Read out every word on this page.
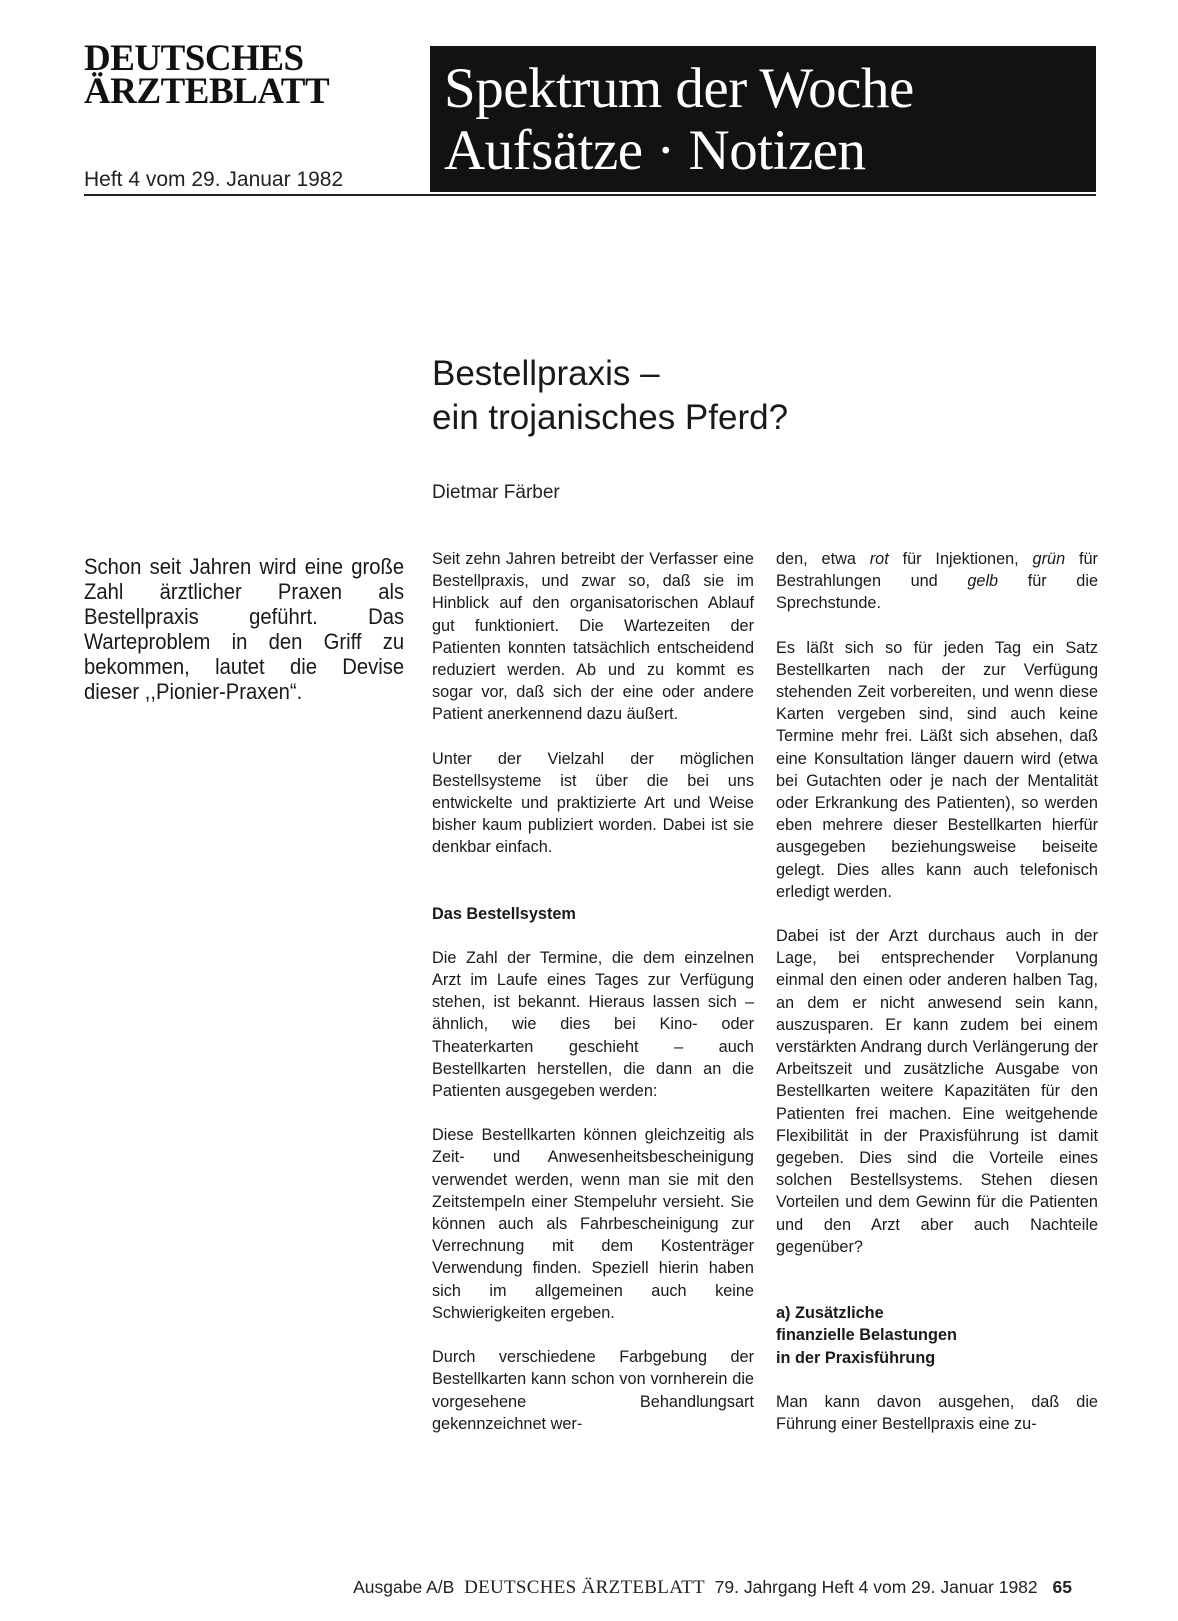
DEUTSCHES
ÄRZTEBLATT
Heft 4 vom 29. Januar 1982
Spektrum der Woche
Aufsätze · Notizen
Bestellpraxis –
ein trojanisches Pferd?
Dietmar Färber
Schon seit Jahren wird eine große Zahl ärztlicher Praxen als Bestellpraxis geführt. Das Warteproblem in den Griff zu bekommen, lautet die Devise dieser ,,Pionier-Praxen“.

Seit zehn Jahren betreibt der Verfasser eine Bestellpraxis, und zwar so, daß sie im Hinblick auf den organisatorischen Ablauf gut funktioniert. Die Wartezeiten der Patienten konnten tatsächlich entscheidend reduziert werden. Ab und zu kommt es sogar vor, daß sich der eine oder andere Patient anerkennend dazu äußert.

Unter der Vielzahl der möglichen Bestellsysteme ist über die bei uns entwickelte und praktizierte Art und Weise bisher kaum publiziert worden. Dabei ist sie denkbar einfach.

Das Bestellsystem

Die Zahl der Termine, die dem einzelnen Arzt im Laufe eines Tages zur Verfügung stehen, ist bekannt. Hieraus lassen sich – ähnlich, wie dies bei Kino- oder Theaterkarten geschieht – auch Bestellkarten herstellen, die dann an die Patienten ausgegeben werden:

Diese Bestellkarten können gleichzeitig als Zeit- und Anwesenheitsbescheinigung verwendet werden, wenn man sie mit den Zeitstempeln einer Stempeluhr versieht. Sie können auch als Fahrbescheinigung zur Verrechnung mit dem Kostenträger Verwendung finden. Speziell hierin haben sich im allgemeinen auch keine Schwierigkeiten ergeben.

Durch verschiedene Farbgebung der Bestellkarten kann schon von vornherein die vorgesehene Behandlungsart gekennzeichnet wer-

den, etwa rot für Injektionen, grün für Bestrahlungen und gelb für die Sprechstunde.

Es läßt sich so für jeden Tag ein Satz Bestellkarten nach der zur Verfügung stehenden Zeit vorbereiten, und wenn diese Karten vergeben sind, sind auch keine Termine mehr frei. Läßt sich absehen, daß eine Konsultation länger dauern wird (etwa bei Gutachten oder je nach der Mentalität oder Erkrankung des Patienten), so werden eben mehrere dieser Bestellkarten hierfür ausgegeben beziehungsweise beiseite gelegt. Dies alles kann auch telefonisch erledigt werden.

Dabei ist der Arzt durchaus auch in der Lage, bei entsprechender Vorplanung einmal den einen oder anderen halben Tag, an dem er nicht anwesend sein kann, auszusparen. Er kann zudem bei einem verstärkten Andrang durch Verlängerung der Arbeitszeit und zusätzliche Ausgabe von Bestellkarten weitere Kapazitäten für den Patienten frei machen. Eine weitgehende Flexibilität in der Praxisführung ist damit gegeben. Dies sind die Vorteile eines solchen Bestellsystems. Stehen diesen Vorteilen und dem Gewinn für die Patienten und den Arzt aber auch Nachteile gegenüber?

a) Zusätzliche
finanzielle Belastungen
in der Praxisführung

Man kann davon ausgehen, daß die Führung einer Bestellpraxis eine zu-

Ausgabe A/B DEUTSCHES ÄRZTEBLATT 79. Jahrgang Heft 4 vom 29. Januar 1982 65
